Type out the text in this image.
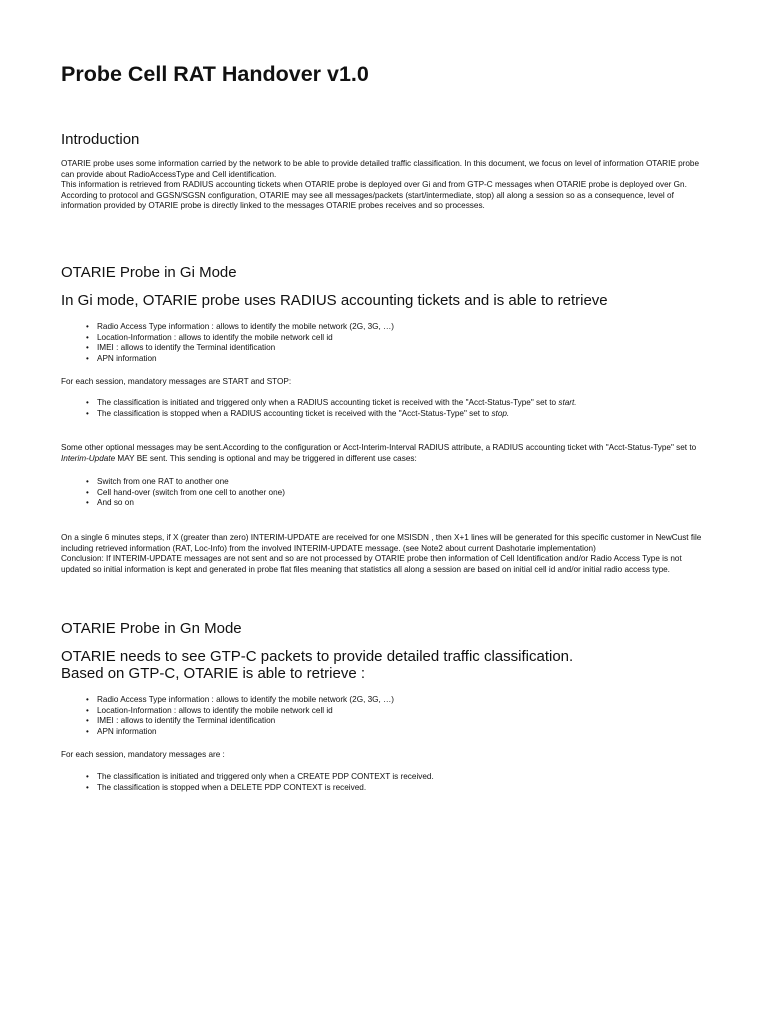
Probe Cell RAT Handover v1.0
Introduction

OTARIE probe uses some information carried by the network to be able to provide detailed traffic classification. In this document, we focus on level of information OTARIE probe can provide about RadioAccessType and Cell identification.

This information is retrieved from RADIUS accounting tickets when OTARIE probe is deployed over Gi and from GTP-C messages when OTARIE probe is deployed over Gn.

According to protocol and GGSN/SGSN configuration, OTARIE may see all messages/packets (start/intermediate, stop) all along a session so as a consequence, level of information provided by OTARIE probe is directly linked to the messages OTARIE probes receives and so processes.

OTARIE Probe in Gi Mode
In Gi mode, OTARIE probe uses RADIUS accounting tickets and is able to retrieve
• Radio Access Type information : allows to identify the mobile network (2G, 3G, …)
• Location-Information : allows to identify the mobile network cell id
• IMEI : allows to identify the Terminal identification
• APN information

For each session, mandatory messages are START and STOP:

• The classification is initiated and triggered only when a RADIUS accounting ticket is received with the "Acct-Status-Type" set to start.
• The classification is stopped when a RADIUS accounting ticket is received with the "Acct-Status-Type" set to stop.

Some other optional messages may be sent.According to the configuration or Acct-Interim-Interval RADIUS attribute, a RADIUS accounting ticket with "Acct-Status-Type" set to Interim-Update MAY BE sent. This sending is optional and may be triggered in different use cases:

• Switch from one RAT to another one
• Cell hand-over (switch from one cell to another one)
• And so on

On a single 6 minutes steps, if X (greater than zero) INTERIM-UPDATE are received for one MSISDN , then X+1 lines will be generated for this specific customer in NewCust file including retrieved information (RAT, Loc-Info) from the involved INTERIM-UPDATE message. (see Note2 about current Dashotarie implementation)

Conclusion: If INTERIM-UPDATE messages are not sent and so are not processed by OTARIE probe then information of Cell Identification and/or Radio Access Type is not updated so initial information is kept and generated in probe flat files meaning that statistics all along a session are based on initial cell id and/or initial radio access type.

OTARIE Probe in Gn Mode
OTARIE needs to see GTP-C packets to provide detailed traffic classification.
Based on GTP-C, OTARIE is able to retrieve :
• Radio Access Type information : allows to identify the mobile network (2G, 3G, …)
• Location-Information : allows to identify the mobile network cell id
• IMEI : allows to identify the Terminal identification
• APN information

For each session, mandatory messages are :

• The classification is initiated and triggered only when a CREATE PDP CONTEXT is received.
• The classification is stopped when a DELETE PDP CONTEXT is received.
